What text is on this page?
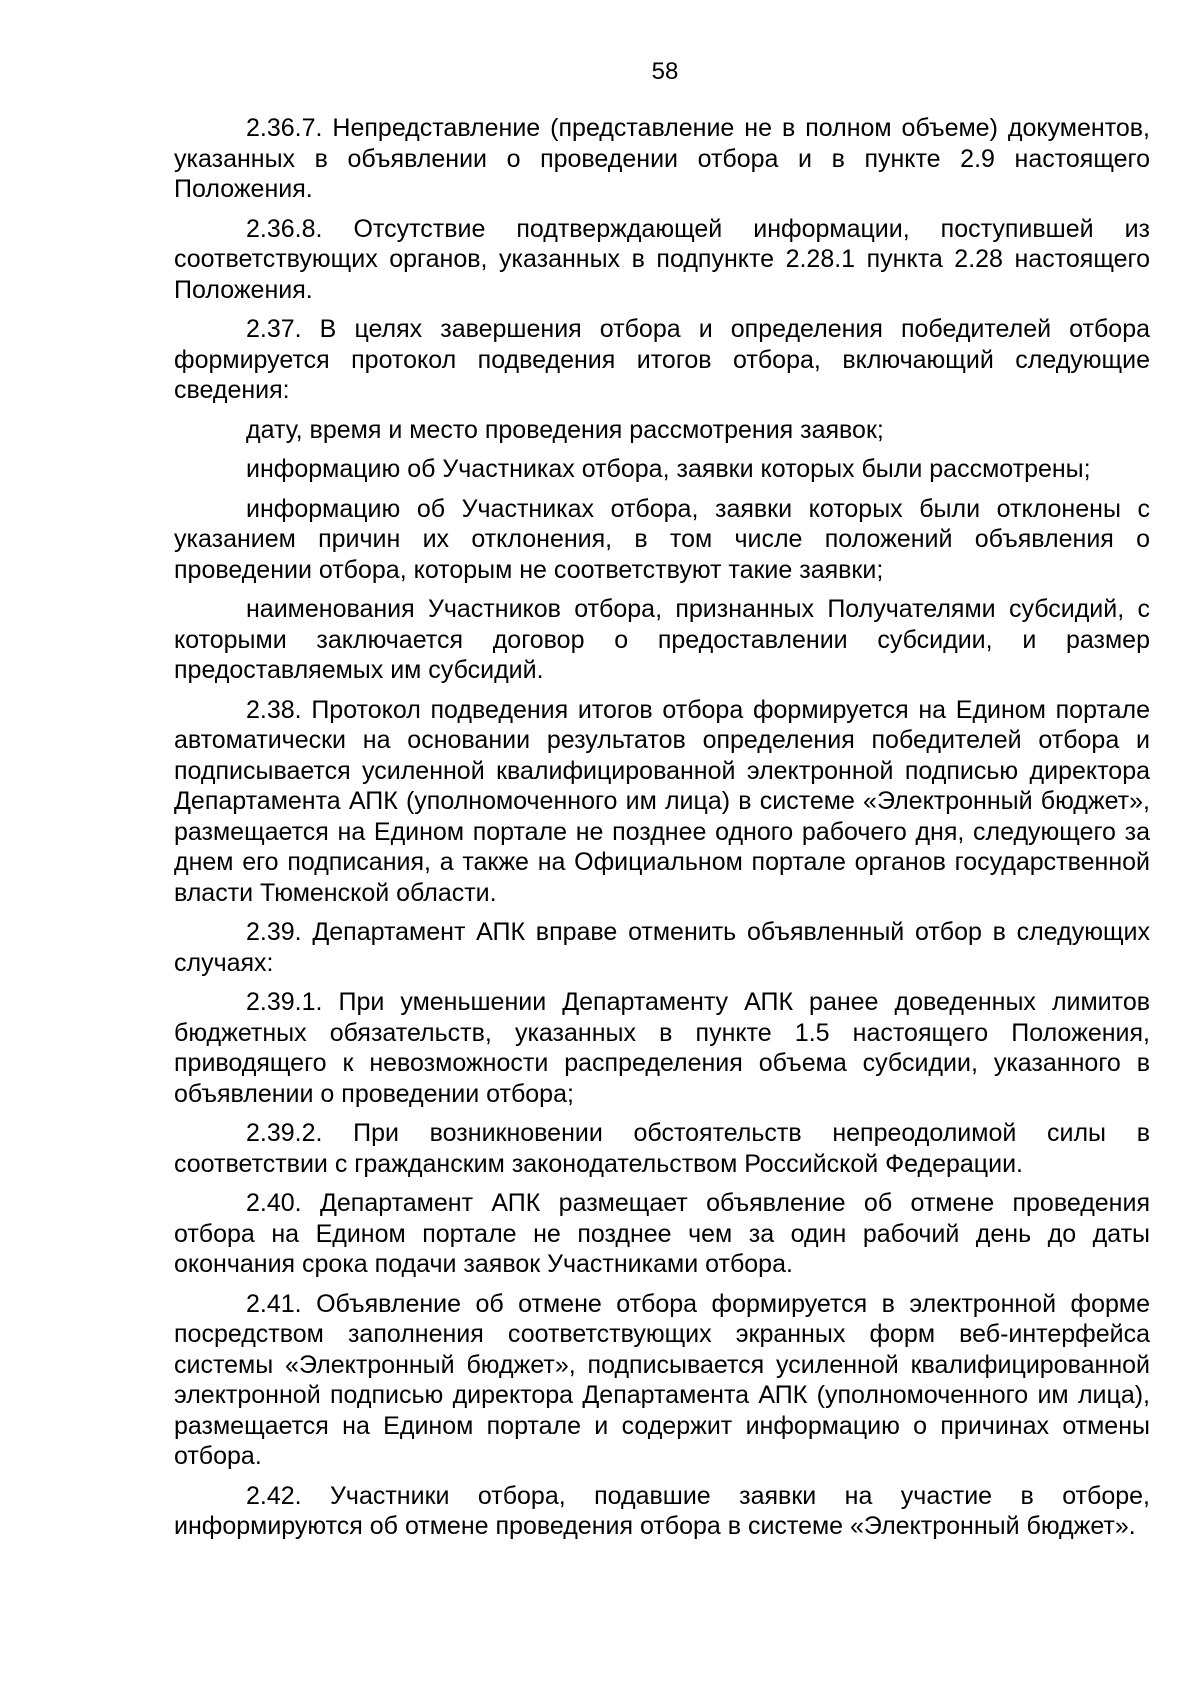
58

2.36.7. Непредставление (представление не в полном объеме) документов, указанных в объявлении о проведении отбора и в пункте 2.9 настоящего Положения.

2.36.8. Отсутствие подтверждающей информации, поступившей из соответствующих органов, указанных в подпункте 2.28.1 пункта 2.28 настоящего Положения.

2.37. В целях завершения отбора и определения победителей отбора формируется протокол подведения итогов отбора, включающий следующие сведения:

дату, время и место проведения рассмотрения заявок;

информацию об Участниках отбора, заявки которых были рассмотрены;

информацию об Участниках отбора, заявки которых были отклонены с указанием причин их отклонения, в том числе положений объявления о проведении отбора, которым не соответствуют такие заявки;

наименования Участников отбора, признанных Получателями субсидий, с которыми заключается договор о предоставлении субсидии, и размер предоставляемых им субсидий.

2.38. Протокол подведения итогов отбора формируется на Едином портале автоматически на основании результатов определения победителей отбора и подписывается усиленной квалифицированной электронной подписью директора Департамента АПК (уполномоченного им лица) в системе «Электронный бюджет», размещается на Едином портале не позднее одного рабочего дня, следующего за днем его подписания, а также на Официальном портале органов государственной власти Тюменской области.

2.39. Департамент АПК вправе отменить объявленный отбор в следующих случаях:

2.39.1. При уменьшении Департаменту АПК ранее доведенных лимитов бюджетных обязательств, указанных в пункте 1.5 настоящего Положения, приводящего к невозможности распределения объема субсидии, указанного в объявлении о проведении отбора;

2.39.2. При возникновении обстоятельств непреодолимой силы в соответствии с гражданским законодательством Российской Федерации.

2.40. Департамент АПК размещает объявление об отмене проведения отбора на Едином портале не позднее чем за один рабочий день до даты окончания срока подачи заявок Участниками отбора.

2.41. Объявление об отмене отбора формируется в электронной форме посредством заполнения соответствующих экранных форм веб-интерфейса системы «Электронный бюджет», подписывается усиленной квалифицированной электронной подписью директора Департамента АПК (уполномоченного им лица), размещается на Едином портале и содержит информацию о причинах отмены отбора.

2.42. Участники отбора, подавшие заявки на участие в отборе, информируются об отмене проведения отбора в системе «Электронный бюджет».
